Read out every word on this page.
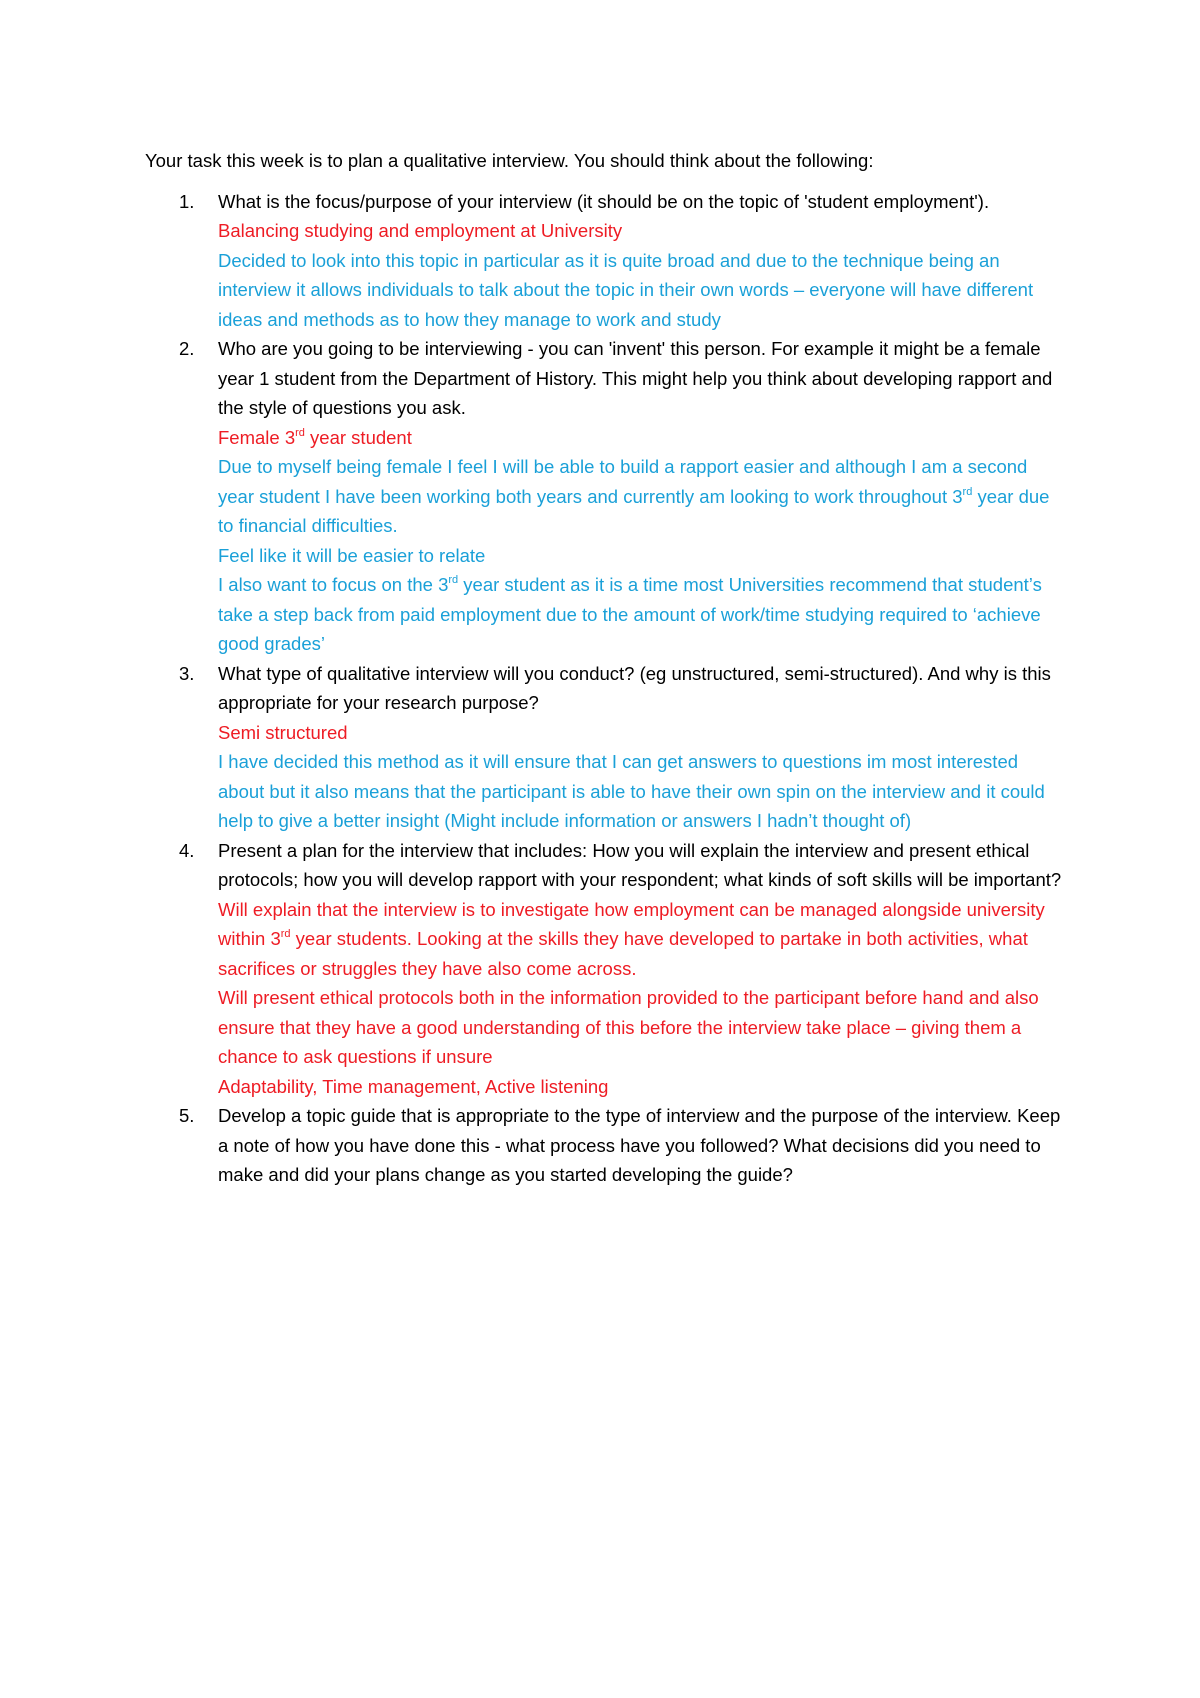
Your task this week is to plan a qualitative interview. You should think about the following:

1. What is the focus/purpose of your interview (it should be on the topic of 'student employment').
Balancing studying and employment at University
Decided to look into this topic in particular as it is quite broad and due to the technique being an interview it allows individuals to talk about the topic in their own words – everyone will have different ideas and methods as to how they manage to work and study
2. Who are you going to be interviewing - you can 'invent' this person. For example it might be a female year 1 student from the Department of History. This might help you think about developing rapport and the style of questions you ask.
Female 3rd year student
Due to myself being female I feel I will be able to build a rapport easier and although I am a second year student I have been working both years and currently am looking to work throughout 3rd year due to financial difficulties.
Feel like it will be easier to relate
I also want to focus on the 3rd year student as it is a time most Universities recommend that student’s take a step back from paid employment due to the amount of work/time studying required to ‘achieve good grades’
3. What type of qualitative interview will you conduct? (eg unstructured, semi-structured). And why is this appropriate for your research purpose?
Semi structured
I have decided this method as it will ensure that I can get answers to questions im most interested about but it also means that the participant is able to have their own spin on the interview and it could help to give a better insight (Might include information or answers I hadn’t thought of)
4. Present a plan for the interview that includes: How you will explain the interview and present ethical protocols; how you will develop rapport with your respondent; what kinds of soft skills will be important?
Will explain that the interview is to investigate how employment can be managed alongside university within 3rd year students. Looking at the skills they have developed to partake in both activities, what sacrifices or struggles they have also come across.
Will present ethical protocols both in the information provided to the participant before hand and also ensure that they have a good understanding of this before the interview take place – giving them a chance to ask questions if unsure
Adaptability, Time management, Active listening
5. Develop a topic guide that is appropriate to the type of interview and the purpose of the interview. Keep a note of how you have done this - what process have you followed? What decisions did you need to make and did your plans change as you started developing the guide?
